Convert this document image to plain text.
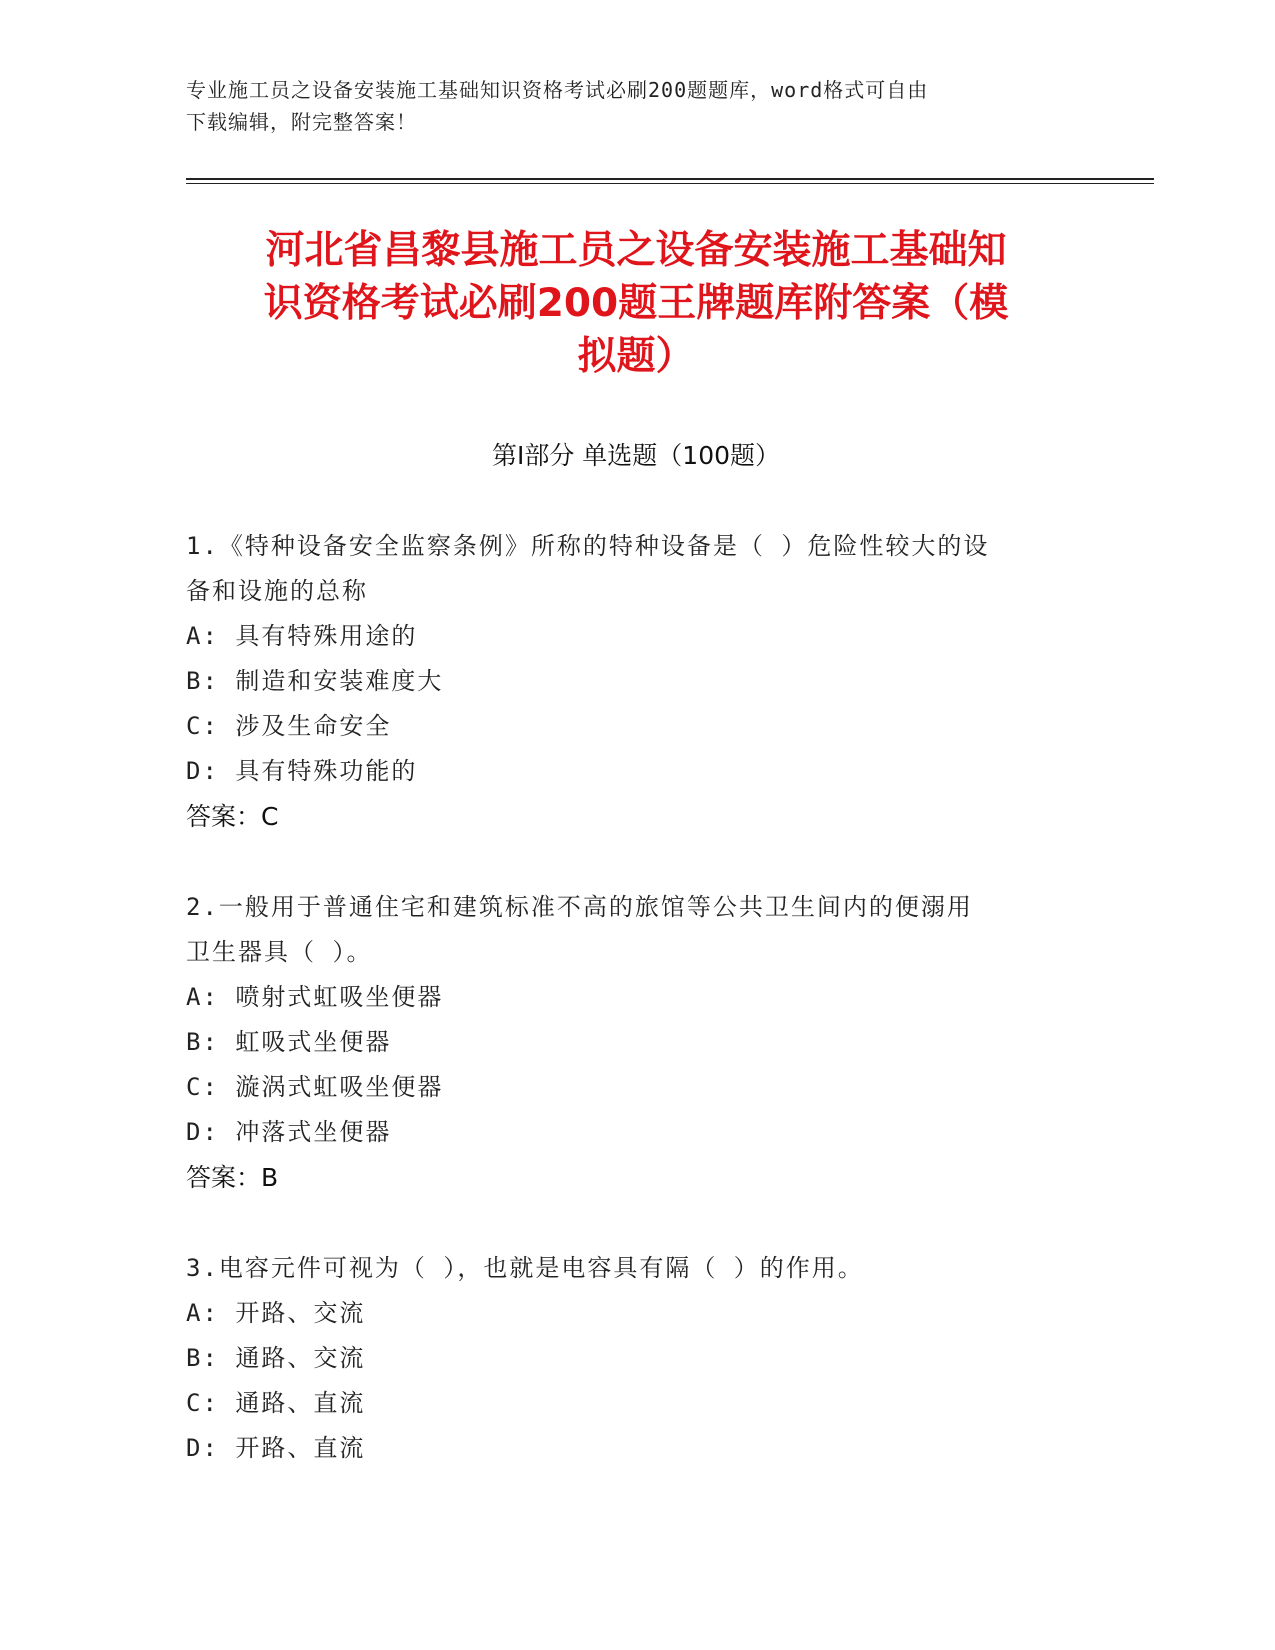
专业施工员之设备安装施工基础知识资格考试必刷200题题库，word格式可自由
下载编辑，附完整答案！
河北省昌黎县施工员之设备安装施工基础知
识资格考试必刷200题王牌题库附答案（模
拟题）
第Ⅰ部分 单选题（100题）
1.《特种设备安全监察条例》所称的特种设备是（ ）危险性较大的设
备和设施的总称
A: 具有特殊用途的
B: 制造和安装难度大
C: 涉及生命安全
D: 具有特殊功能的
答案：C
2.一般用于普通住宅和建筑标准不高的旅馆等公共卫生间内的便溺用
卫生器具（ ）。
A: 喷射式虹吸坐便器
B: 虹吸式坐便器
C: 漩涡式虹吸坐便器
D: 冲落式坐便器
答案：B
3.电容元件可视为（ ），也就是电容具有隔（ ）的作用。
A: 开路、交流
B: 通路、交流
C: 通路、直流
D: 开路、直流
